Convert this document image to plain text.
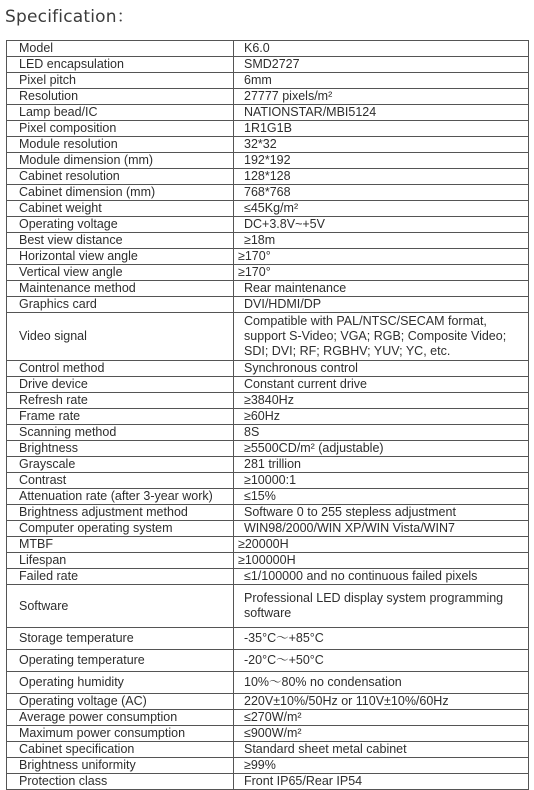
Specification：
Model	K6.0
LED encapsulation	SMD2727
Pixel pitch	6mm
Resolution	27777 pixels/m²
Lamp bead/IC	NATIONSTAR/MBI5124
Pixel composition	1R1G1B
Module resolution	32*32
Module dimension (mm)	192*192
Cabinet resolution	128*128
Cabinet dimension (mm)	768*768
Cabinet weight	≤45Kg/m²
Operating voltage	DC+3.8V~+5V
Best view distance	≥18m
Horizontal view angle	≥170°
Vertical view angle	≥170°
Maintenance method	Rear maintenance
Graphics card	DVI/HDMI/DP
Video signal	Compatible with PAL/NTSC/SECAM format, support S-Video; VGA; RGB; Composite Video; SDI; DVI; RF; RGBHV; YUV; YC, etc.
Control method	Synchronous control
Drive device	Constant current drive
Refresh rate	≥3840Hz
Frame rate	≥60Hz
Scanning method	8S
Brightness	≥5500CD/m² (adjustable)
Grayscale	281 trillion
Contrast	≥10000:1
Attenuation rate (after 3-year work)	≤15%
Brightness adjustment method	Software 0 to 255 stepless adjustment
Computer operating system	WIN98/2000/WIN XP/WIN Vista/WIN7
MTBF	≥20000H
Lifespan	≥100000H
Failed rate	≤1/100000 and no continuous failed pixels
Software	Professional LED display system programming software
Storage temperature	-35°C～+85°C
Operating temperature	-20°C～+50°C
Operating humidity	10%～80% no condensation
Operating voltage (AC)	220V±10%/50Hz or 110V±10%/60Hz
Average power consumption	≤270W/m²
Maximum power consumption	≤900W/m²
Cabinet specification	Standard sheet metal cabinet
Brightness uniformity	≥99%
Protection class	Front IP65/Rear IP54
